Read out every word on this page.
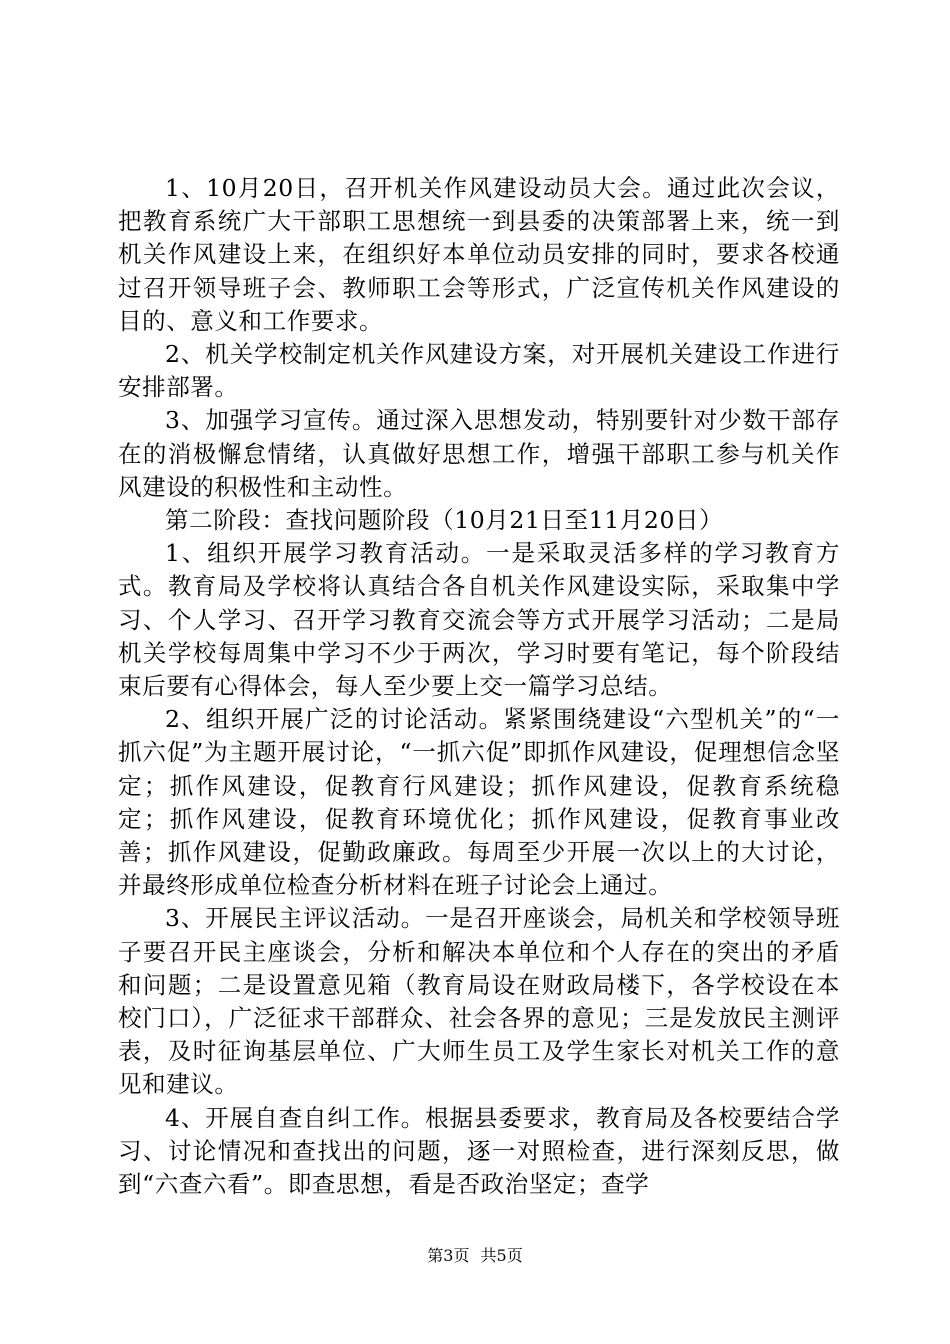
1、10月20日，召开机关作风建设动员大会。通过此次会议，把教育系统广大干部职工思想统一到县委的决策部署上来，统一到机关作风建设上来，在组织好本单位动员安排的同时，要求各校通过召开领导班子会、教师职工会等形式，广泛宣传机关作风建设的目的、意义和工作要求。

2、机关学校制定机关作风建设方案，对开展机关建设工作进行安排部署。

3、加强学习宣传。通过深入思想发动，特别要针对少数干部存在的消极懈怠情绪，认真做好思想工作，增强干部职工参与机关作风建设的积极性和主动性。

第二阶段：查找问题阶段（10月21日至11月20日）

1、组织开展学习教育活动。一是采取灵活多样的学习教育方式。教育局及学校将认真结合各自机关作风建设实际，采取集中学习、个人学习、召开学习教育交流会等方式开展学习活动；二是局机关学校每周集中学习不少于两次，学习时要有笔记，每个阶段结束后要有心得体会，每人至少要上交一篇学习总结。

2、组织开展广泛的讨论活动。紧紧围绕建设“六型机关”的“一抓六促”为主题开展讨论，“一抓六促”即抓作风建设，促理想信念坚定；抓作风建设，促教育行风建设；抓作风建设，促教育系统稳定；抓作风建设，促教育环境优化；抓作风建设，促教育事业改善；抓作风建设，促勤政廉政。每周至少开展一次以上的大讨论，并最终形成单位检查分析材料在班子讨论会上通过。

3、开展民主评议活动。一是召开座谈会，局机关和学校领导班子要召开民主座谈会，分析和解决本单位和个人存在的突出的矛盾和问题；二是设置意见箱（教育局设在财政局楼下，各学校设在本校门口），广泛征求干部群众、社会各界的意见；三是发放民主测评表，及时征询基层单位、广大师生员工及学生家长对机关工作的意见和建议。

4、开展自查自纠工作。根据县委要求，教育局及各校要结合学习、讨论情况和查找出的问题，逐一对照检查，进行深刻反思，做到“六查六看”。即查思想，看是否政治坚定；查学

第3页 共5页
